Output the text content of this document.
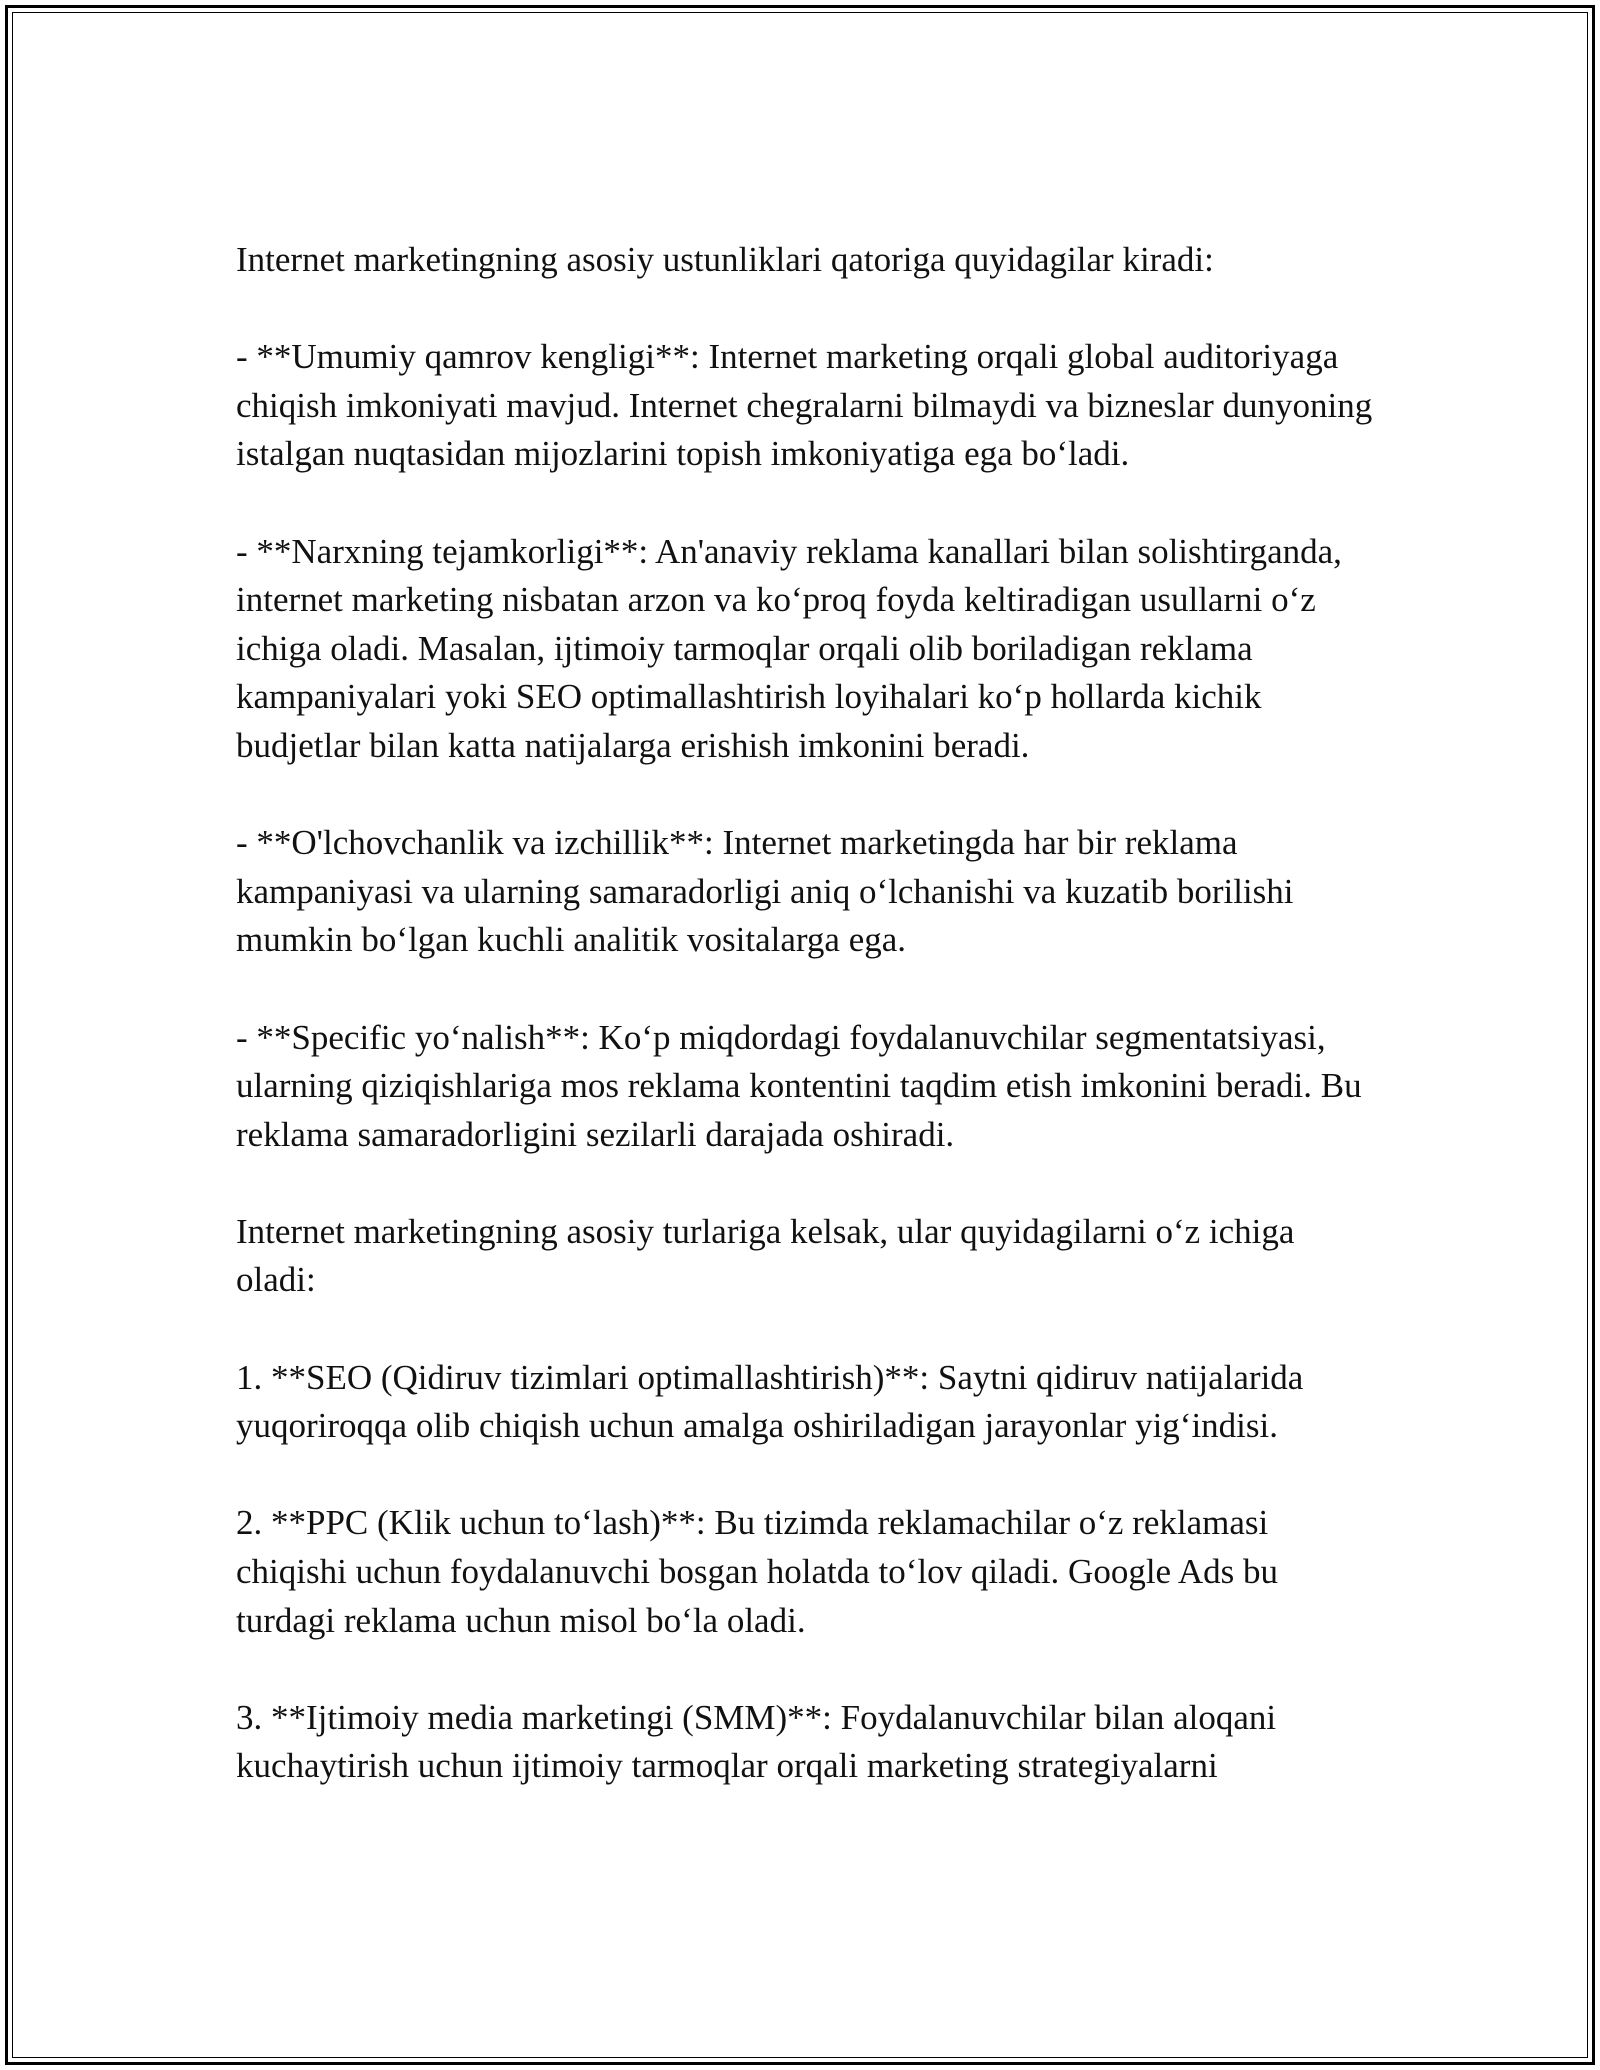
Internet marketingning asosiy ustunliklari qatoriga quyidagilar kiradi:

- **Umumiy qamrov kengligi**: Internet marketing orqali global auditoriyaga chiqish imkoniyati mavjud. Internet chegralarni bilmaydi va bizneslar dunyoning istalgan nuqtasidan mijozlarini topish imkoniyatiga ega bo‘ladi.

- **Narxning tejamkorligi**: An'anaviy reklama kanallari bilan solishtirganda, internet marketing nisbatan arzon va ko‘proq foyda keltiradigan usullarni o‘z ichiga oladi. Masalan, ijtimoiy tarmoqlar orqali olib boriladigan reklama kampaniyalari yoki SEO optimallashtirish loyihalari ko‘p hollarda kichik budjetlar bilan katta natijalarga erishish imkonini beradi.

- **O'lchovchanlik va izchillik**: Internet marketingda har bir reklama kampaniyasi va ularning samaradorligi aniq o‘lchanishi va kuzatib borilishi mumkin bo‘lgan kuchli analitik vositalarga ega.

- **Specific yo‘nalish**: Ko‘p miqdordagi foydalanuvchilar segmentatsiyasi, ularning qiziqishlariga mos reklama kontentini taqdim etish imkonini beradi. Bu reklama samaradorligini sezilarli darajada oshiradi.

Internet marketingning asosiy turlariga kelsak, ular quyidagilarni o‘z ichiga oladi:

1. **SEO (Qidiruv tizimlari optimallashtirish)**: Saytni qidiruv natijalarida yuqoriroqqa olib chiqish uchun amalga oshiriladigan jarayonlar yig‘indisi.

2. **PPC (Klik uchun to‘lash)**: Bu tizimda reklamachilar o‘z reklamasi chiqishi uchun foydalanuvchi bosgan holatda to‘lov qiladi. Google Ads bu turdagi reklama uchun misol bo‘la oladi.

3. **Ijtimoiy media marketingi (SMM)**: Foydalanuvchilar bilan aloqani kuchaytirish uchun ijtimoiy tarmoqlar orqali marketing strategiyalarni
